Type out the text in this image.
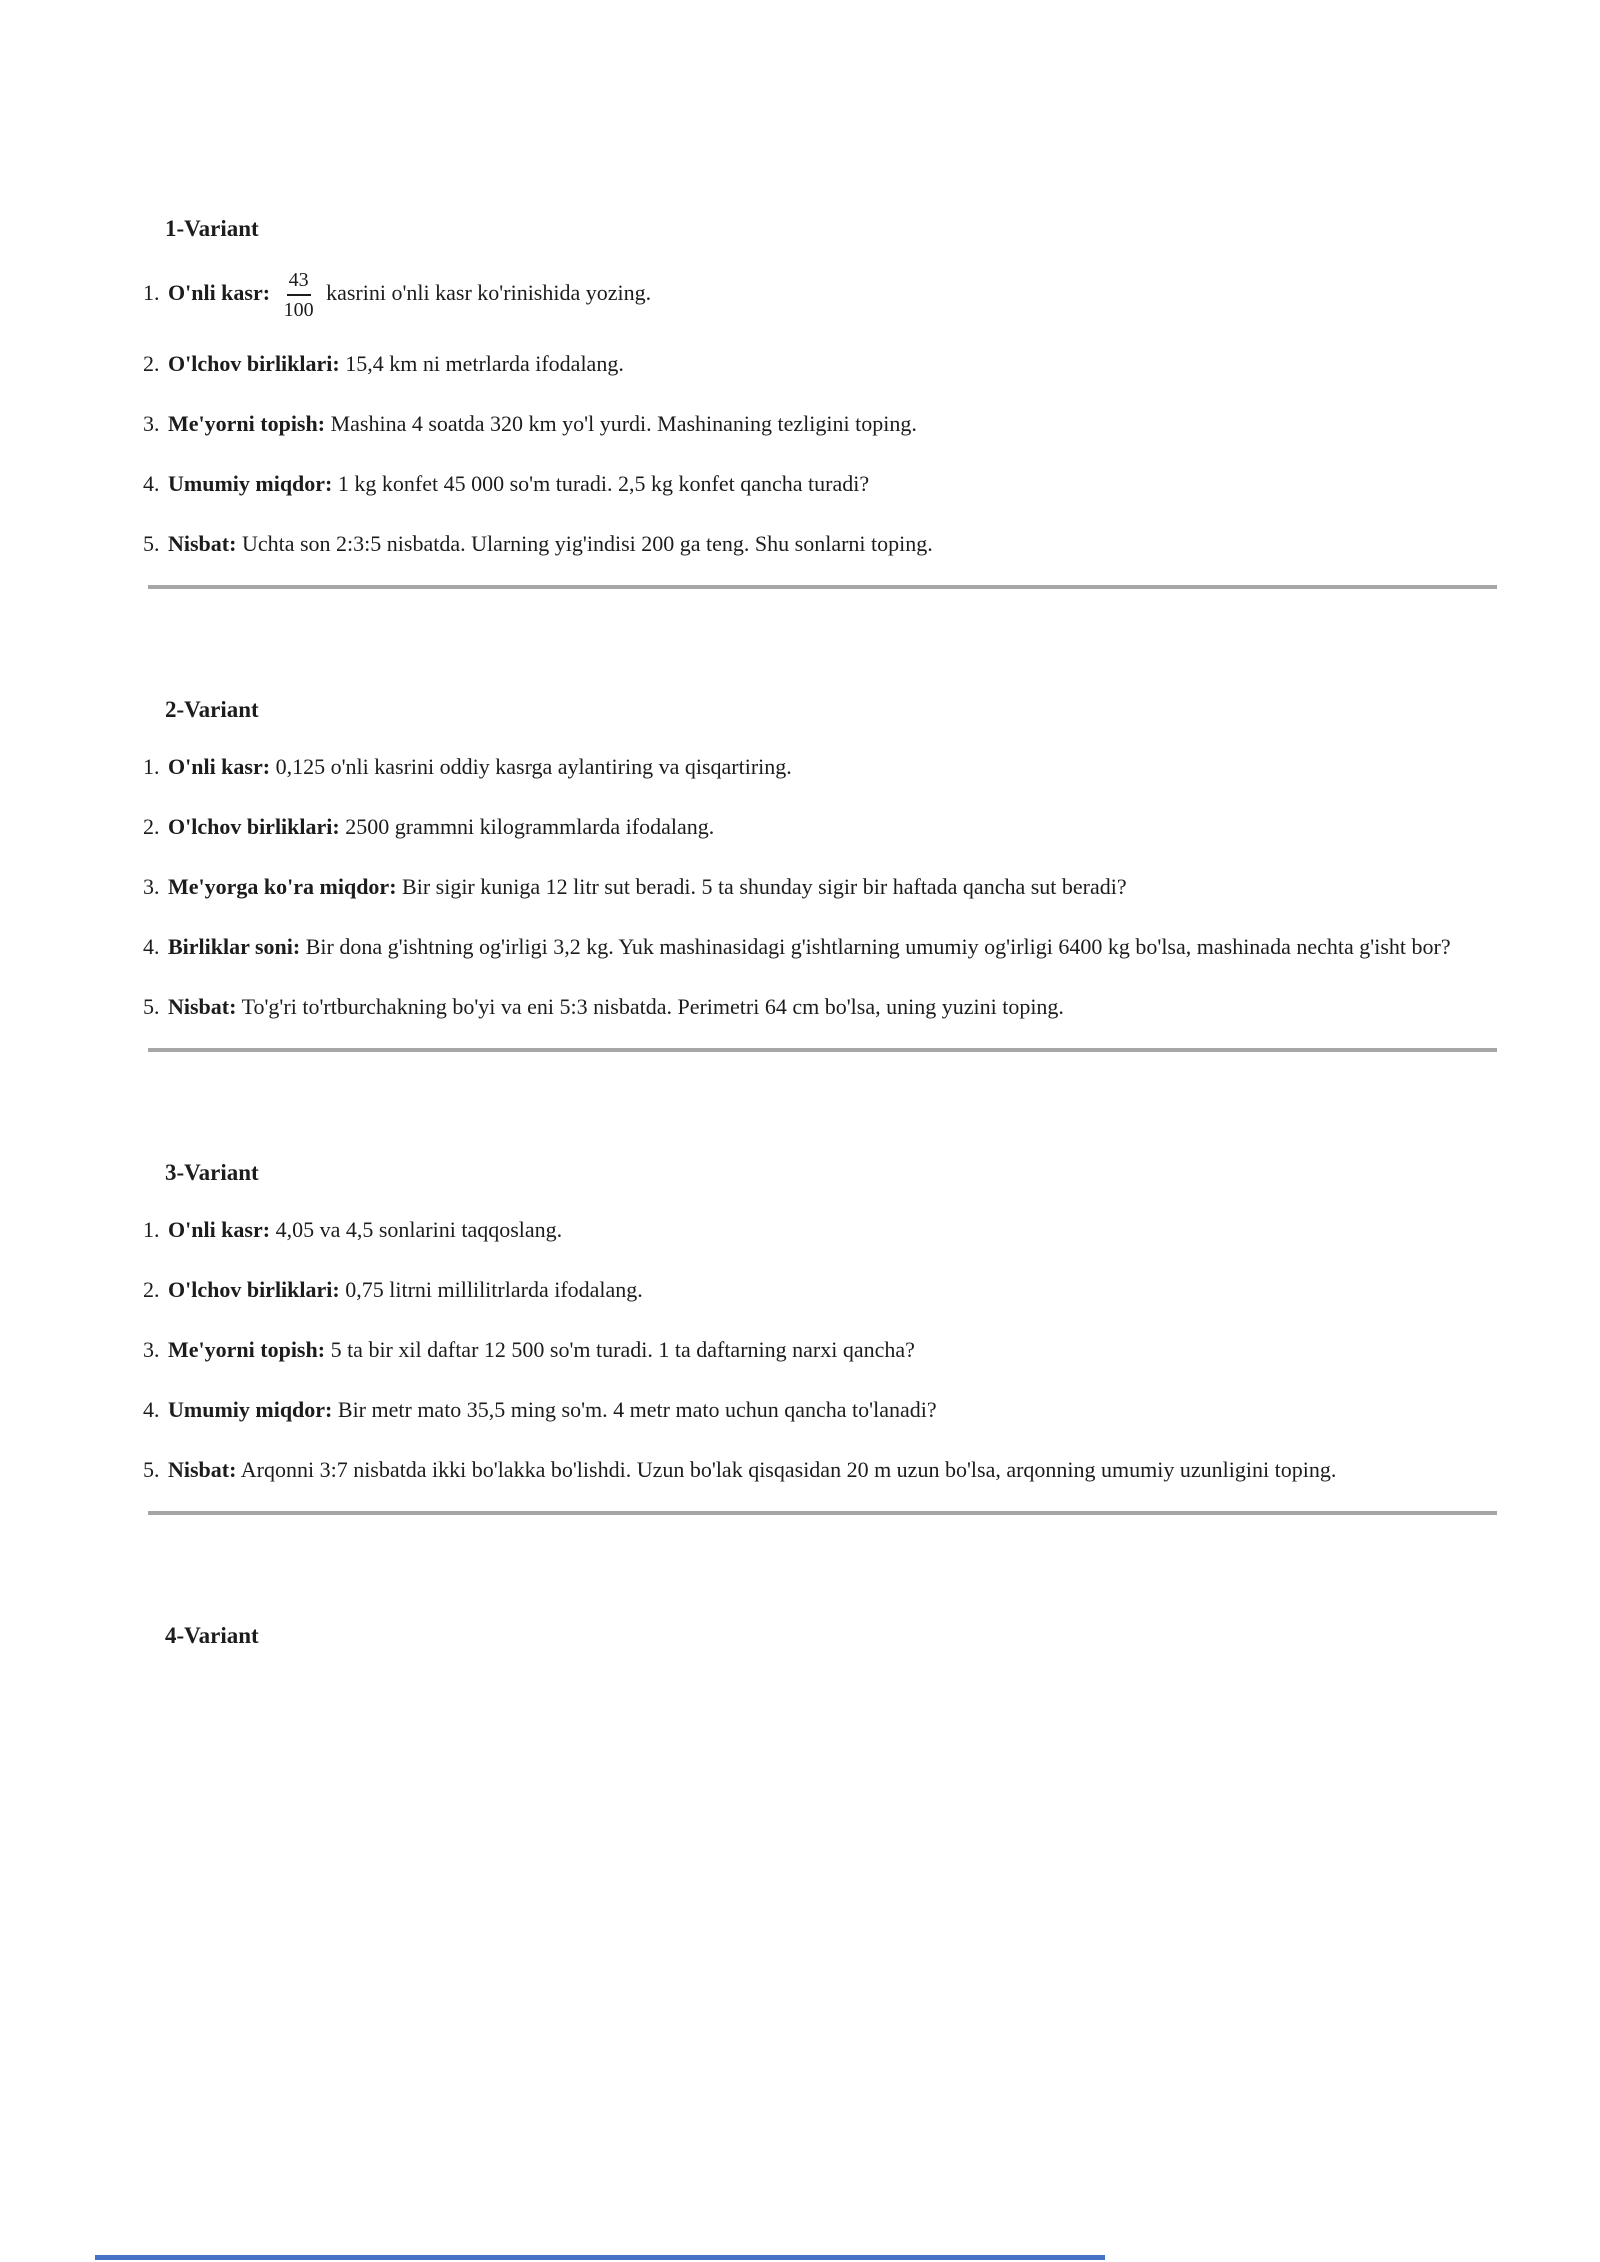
1-Variant
O'nli kasr: $\frac{43}{100}$ kasrini o'nli kasr ko'rinishida yozing.
O'lchov birliklari: 15,4 km ni metrlarda ifodalang.
Me'yorni topish: Mashina 4 soatda 320 km yo'l yurdi. Mashinaning tezligini toping.
Umumiy miqdor: 1 kg konfet 45 000 so'm turadi. 2,5 kg konfet qancha turadi?
Nisbat: Uchta son 2:3:5 nisbatda. Ularning yig'indisi 200 ga teng. Shu sonlarni toping.
2-Variant
O'nli kasr: 0,125 o'nli kasrini oddiy kasrga aylantiring va qisqartiring.
O'lchov birliklari: 2500 grammni kilogrammlarda ifodalang.
Me'yorga ko'ra miqdor: Bir sigir kuniga 12 litr sut beradi. 5 ta shunday sigir bir haftada qancha sut beradi?
Birliklar soni: Bir dona g'ishtning og'irligi 3,2 kg. Yuk mashinasidagi g'ishtlarning umumiy og'irligi 6400 kg bo'lsa, mashinada nechta g'isht bor?
Nisbat: To'g'ri to'rtburchakning bo'yi va eni 5:3 nisbatda. Perimetri 64 cm bo'lsa, uning yuzini toping.
3-Variant
O'nli kasr: 4,05 va 4,5 sonlarini taqqoslang.
O'lchov birliklari: 0,75 litrni millilitrlarda ifodalang.
Me'yorni topish: 5 ta bir xil daftar 12 500 so'm turadi. 1 ta daftarning narxi qancha?
Umumiy miqdor: Bir metr mato 35,5 ming so'm. 4 metr mato uchun qancha to'lanadi?
Nisbat: Arqonni 3:7 nisbatda ikki bo'lakka bo'lishdi. Uzun bo'lak qisqasidan 20 m uzun bo'lsa, arqonning umumiy uzunligini toping.
4-Variant
